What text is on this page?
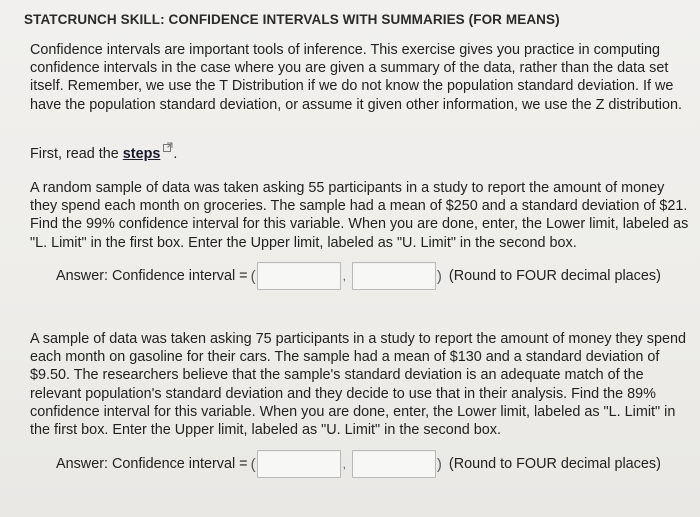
STATCRUNCH SKILL: CONFIDENCE INTERVALS WITH SUMMARIES (FOR MEANS)

Confidence intervals are important tools of inference. This exercise gives you practice in computing confidence intervals in the case where you are given a summary of the data, rather than the data set itself. Remember, we use the T Distribution if we do not know the population standard deviation. If we have the population standard deviation, or assume it given other information, we use the Z distribution.

First, read the steps .

A random sample of data was taken asking 55 participants in a study to report the amount of money they spend each month on groceries. The sample had a mean of $250 and a standard deviation of $21. Find the 99% confidence interval for this variable. When you are done, enter, the Lower limit, labeled as "L. Limit" in the first box. Enter the Upper limit, labeled as "U. Limit" in the second box.

Answer: Confidence interval = (	,	) (Round to FOUR decimal places)

A sample of data was taken asking 75 participants in a study to report the amount of money they spend each month on gasoline for their cars. The sample had a mean of $130 and a standard deviation of $9.50. The researchers believe that the sample's standard deviation is an adequate match of the relevant population's standard deviation and they decide to use that in their analysis. Find the 89% confidence interval for this variable. When you are done, enter, the Lower limit, labeled as "L. Limit" in the first box. Enter the Upper limit, labeled as "U. Limit" in the second box.

Answer: Confidence interval = (	,	) (Round to FOUR decimal places)
